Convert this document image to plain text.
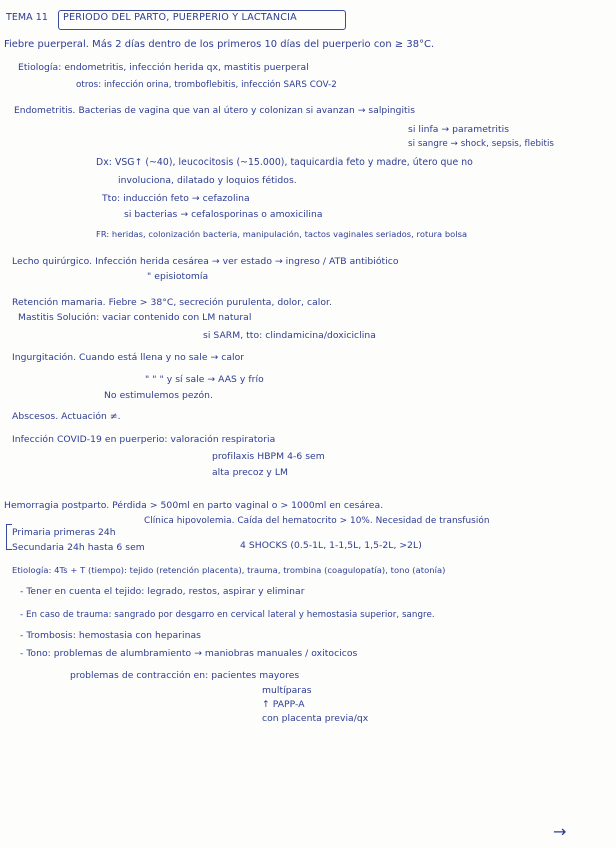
TEMA 11 PERIODO DEL PARTO, PUERPERIO Y LACTANCIA
Fiebre puerperal. Más 2 días dentro de los primeros 10 días del puerperio con ≥ 38°C.
Etiología: endometritis, infección herida qx, mastitis puerperal
otros: infección orina, tromboflebitis, infección SARS COV-2
Endometritis. Bacterias de vagina que van al útero y colonizan si avanzan → salpingitis
si linfa → parametritis
si sangre → shock, sepsis, flebitis
Dx: VSG↑ (~40), leucocitosis (~15.000), taquicardia feto y madre, útero que no
involuciona, dilatado y loquios fétidos.
Tto: inducción feto → cefazolina
si bacterias → cefalosporinas o amoxicilina
FR: heridas, colonización bacteria, manipulación, tactos vaginales seriados, rotura bolsa
Lecho quirúrgico. Infección herida cesárea → ver estado → ingreso / ATB antibiótico
" episiotomía
Retención mamaria. Fiebre > 38°C, secreción purulenta, dolor, calor.
Mastitis Solución: vaciar contenido con LM natural
si SARM, tto: clindamicina/doxiciclina
Ingurgitación. Cuando está llena y no sale → calor
" " " y sí sale → AAS y frío
No estimulemos pezón.
Abscesos. Actuación ≠.
Infección COVID-19 en puerperio: valoración respiratoria
profilaxis HBPM 4-6 sem
alta precoz y LM
Hemorragia postparto. Pérdida > 500ml en parto vaginal o > 1000ml en cesárea.
Clínica hipovolemia. Caída del hematocrito > 10%. Necesidad de transfusión
Primaria primeras 24h
Secundaria 24h hasta 6 sem	4 SHOCKS (0.5-1L, 1-1,5L, 1,5-2L, >2L)
Etiología: 4Ts + T (tiempo): tejido (retención placenta), trauma, trombina (coagulopatía), tono (atonía)
- Tener en cuenta el tejido: legrado, restos, aspirar y eliminar
- En caso de trauma: sangrado por desgarro en cervical lateral y hemostasia superior, sangre.
- Trombosis: hemostasia con heparinas
- Tono: problemas de alumbramiento → maniobras manuales / oxitocicos
problemas de contracción en: pacientes mayores
multíparas
↑ PAPP-A
con placenta previa/qx
→
